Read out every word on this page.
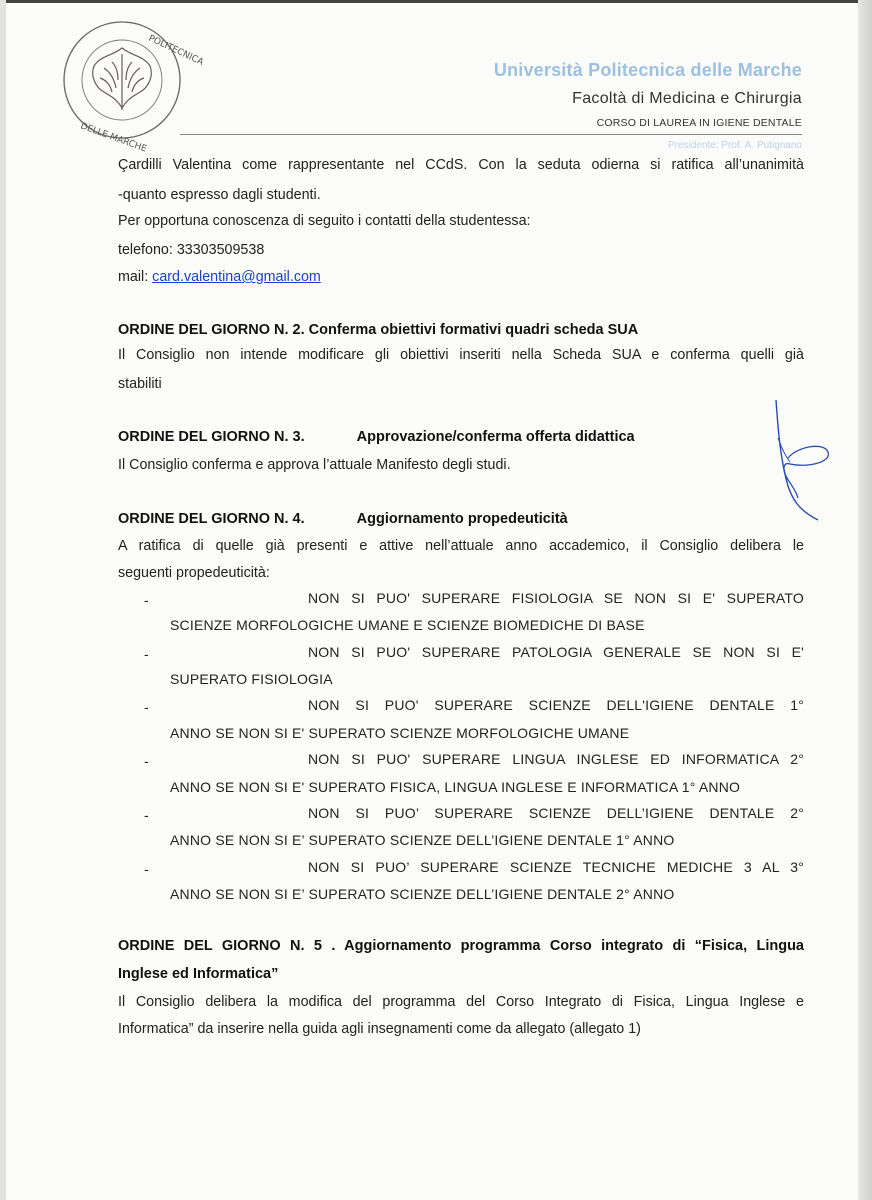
POLITECNICA
DELLE MARCHE
Università Politecnica delle Marche
Facoltà di Medicina e Chirurgia
CORSO DI LAUREA IN IGIENE DENTALE
Presidente: Prof. A. Putignano
Çardilli Valentina come rappresentante nel CCdS. Con la seduta odierna si ratifica all’unanimità
-quanto espresso dagli studenti.
Per opportuna conoscenza di seguito i contatti della studentessa:
telefono: 33303509538
mail: card.valentina@gmail.com
ORDINE DEL GIORNO N. 2. Conferma obiettivi formativi quadri scheda SUA
Il Consiglio non intende modificare gli obiettivi inseriti nella Scheda SUA e conferma quelli già
stabiliti
ORDINE DEL GIORNO N. 3.	Approvazione/conferma offerta didattica
Il Consiglio conferma e approva l’attuale Manifesto degli studi.
ORDINE DEL GIORNO N. 4.	Aggiornamento propedeuticità
A ratifica di quelle già presenti e attive nell’attuale anno accademico, il Consiglio delibera le
seguenti propedeuticità:
-	NON SI PUO' SUPERARE FISIOLOGIA SE NON SI E' SUPERATO
SCIENZE MORFOLOGICHE UMANE E SCIENZE BIOMEDICHE DI BASE
-	NON SI PUO' SUPERARE PATOLOGIA GENERALE SE NON SI E'
SUPERATO FISIOLOGIA
-	NON SI PUO' SUPERARE SCIENZE DELL'IGIENE DENTALE 1°
ANNO SE NON SI E' SUPERATO SCIENZE MORFOLOGICHE UMANE
-	NON SI PUO' SUPERARE LINGUA INGLESE ED INFORMATICA 2°
ANNO SE NON SI E' SUPERATO FISICA, LINGUA INGLESE E INFORMATICA 1° ANNO
-	NON SI PUO’ SUPERARE SCIENZE DELL’IGIENE DENTALE 2°
ANNO SE NON SI E’ SUPERATO SCIENZE DELL’IGIENE DENTALE 1° ANNO
-	NON SI PUO’ SUPERARE SCIENZE TECNICHE MEDICHE 3 AL 3°
ANNO SE NON SI E’ SUPERATO SCIENZE DELL’IGIENE DENTALE 2° ANNO
ORDINE DEL GIORNO N. 5 . Aggiornamento programma Corso integrato di “Fisica, Lingua
Inglese ed Informatica”
Il Consiglio delibera la modifica del programma del Corso Integrato di Fisica, Lingua Inglese e
Informatica” da inserire nella guida agli insegnamenti come da allegato (allegato 1)
